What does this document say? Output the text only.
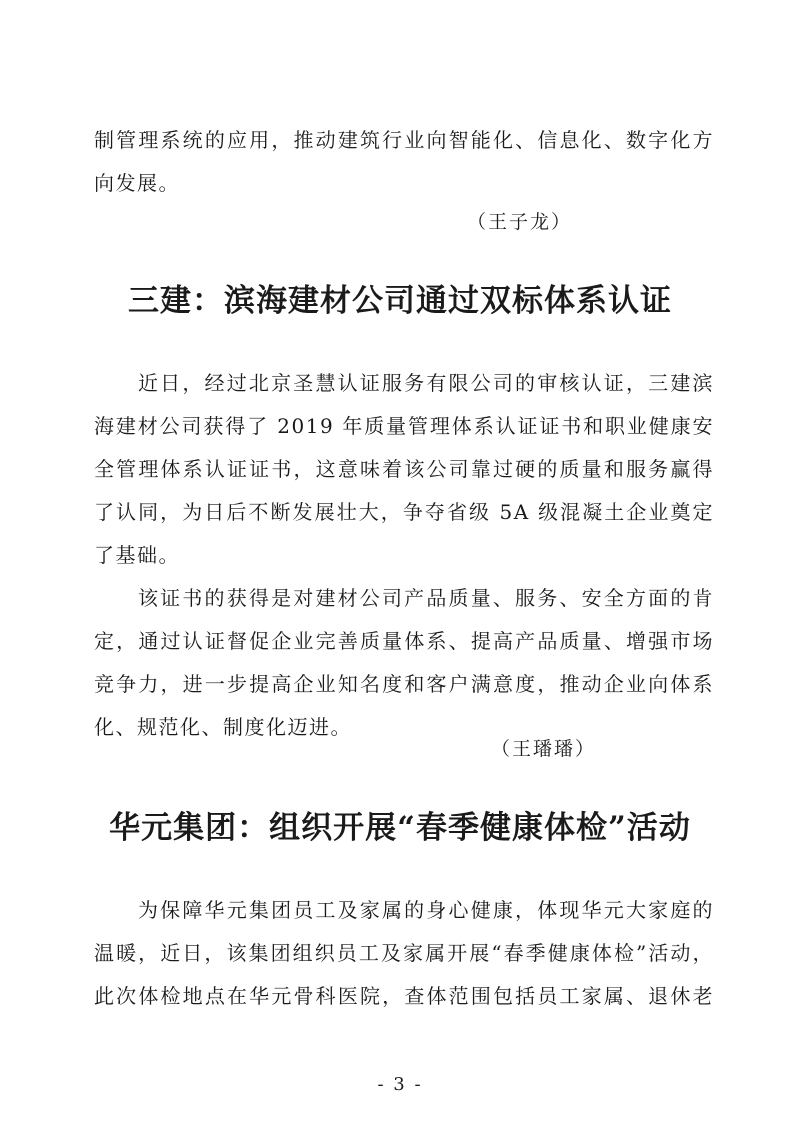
制管理系统的应用，推动建筑行业向智能化、信息化、数字化方
向发展。
（王子龙）
三建：滨海建材公司通过双标体系认证
近日，经过北京圣慧认证服务有限公司的审核认证，三建滨
海建材公司获得了 2019 年质量管理体系认证证书和职业健康安
全管理体系认证证书，这意味着该公司靠过硬的质量和服务赢得
了认同，为日后不断发展壮大，争夺省级 5A 级混凝土企业奠定
了基础。
该证书的获得是对建材公司产品质量、服务、安全方面的肯
定，通过认证督促企业完善质量体系、提高产品质量、增强市场
竞争力，进一步提高企业知名度和客户满意度，推动企业向体系
化、规范化、制度化迈进。
（王璠璠）
华元集团：组织开展“春季健康体检”活动
为保障华元集团员工及家属的身心健康，体现华元大家庭的
温暖，近日，该集团组织员工及家属开展“春季健康体检”活动，
此次体检地点在华元骨科医院，查体范围包括员工家属、退休老
- 3 -
